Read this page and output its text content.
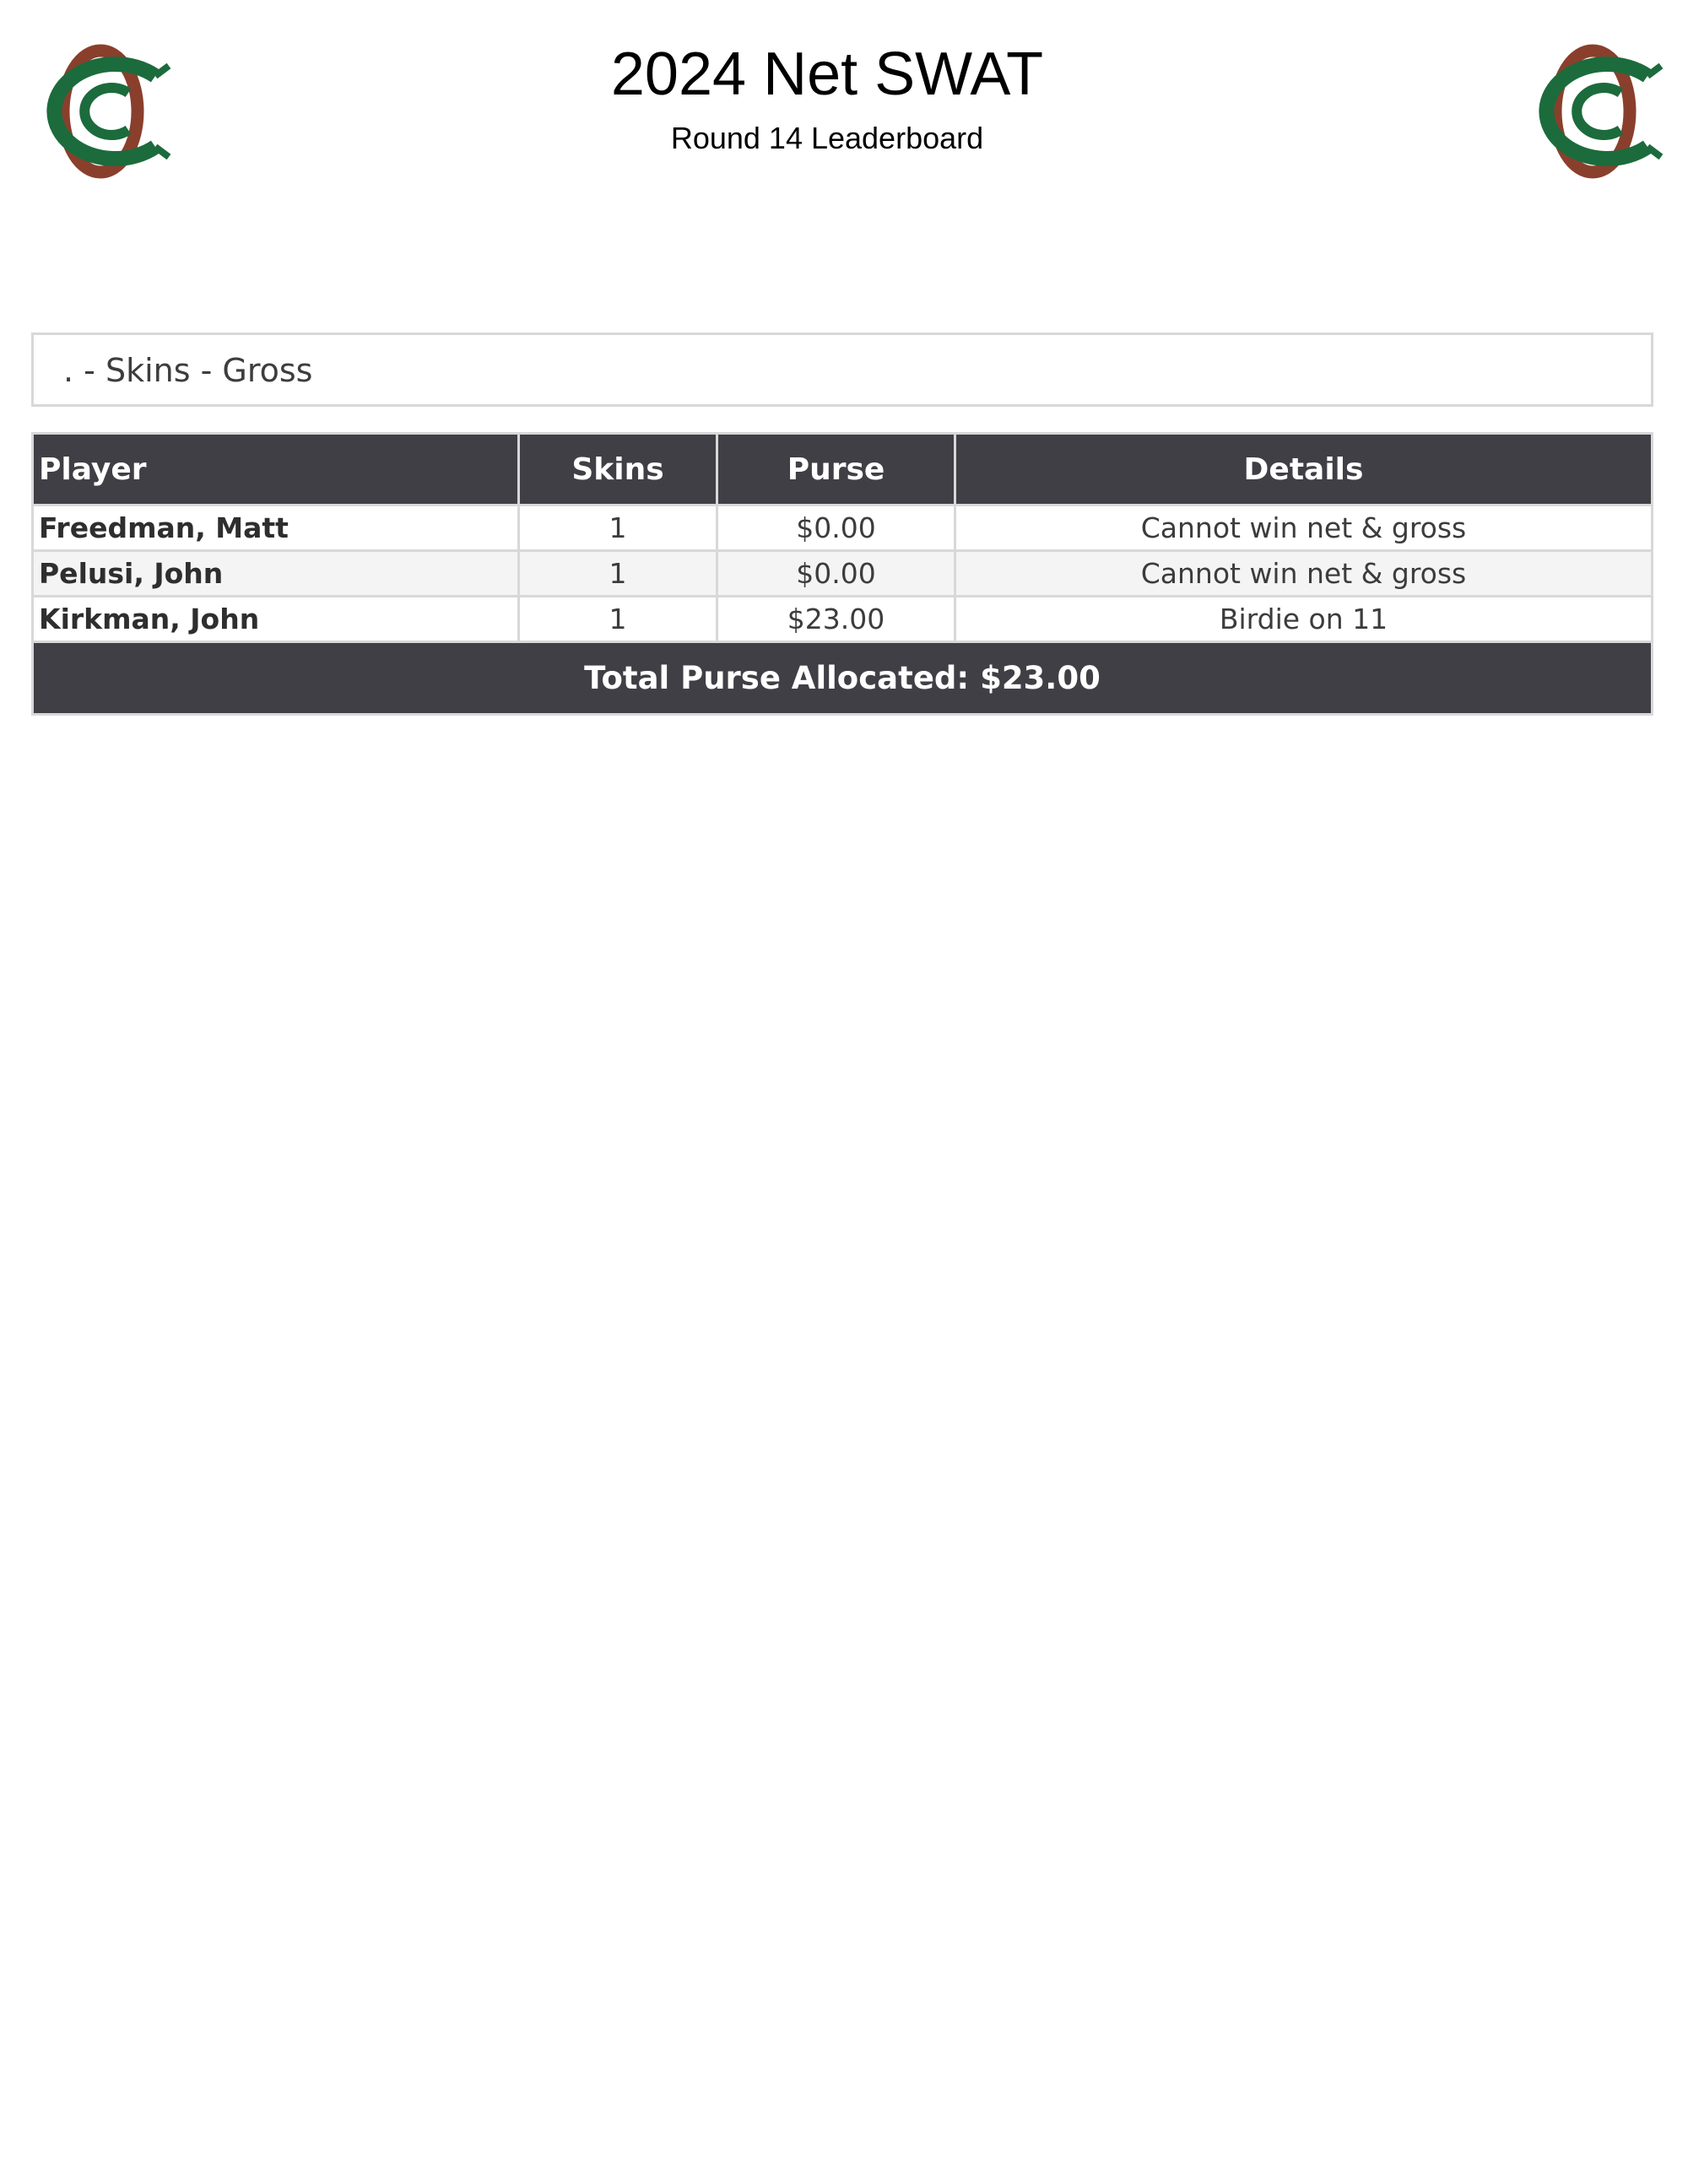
2024 Net SWAT
Round 14 Leaderboard
. - Skins - Gross
Player	Skins	Purse	Details
Freedman, Matt	1	$0.00	Cannot win net & gross
Pelusi, John	1	$0.00	Cannot win net & gross
Kirkman, John	1	$23.00	Birdie on 11
Total Purse Allocated: $23.00			
